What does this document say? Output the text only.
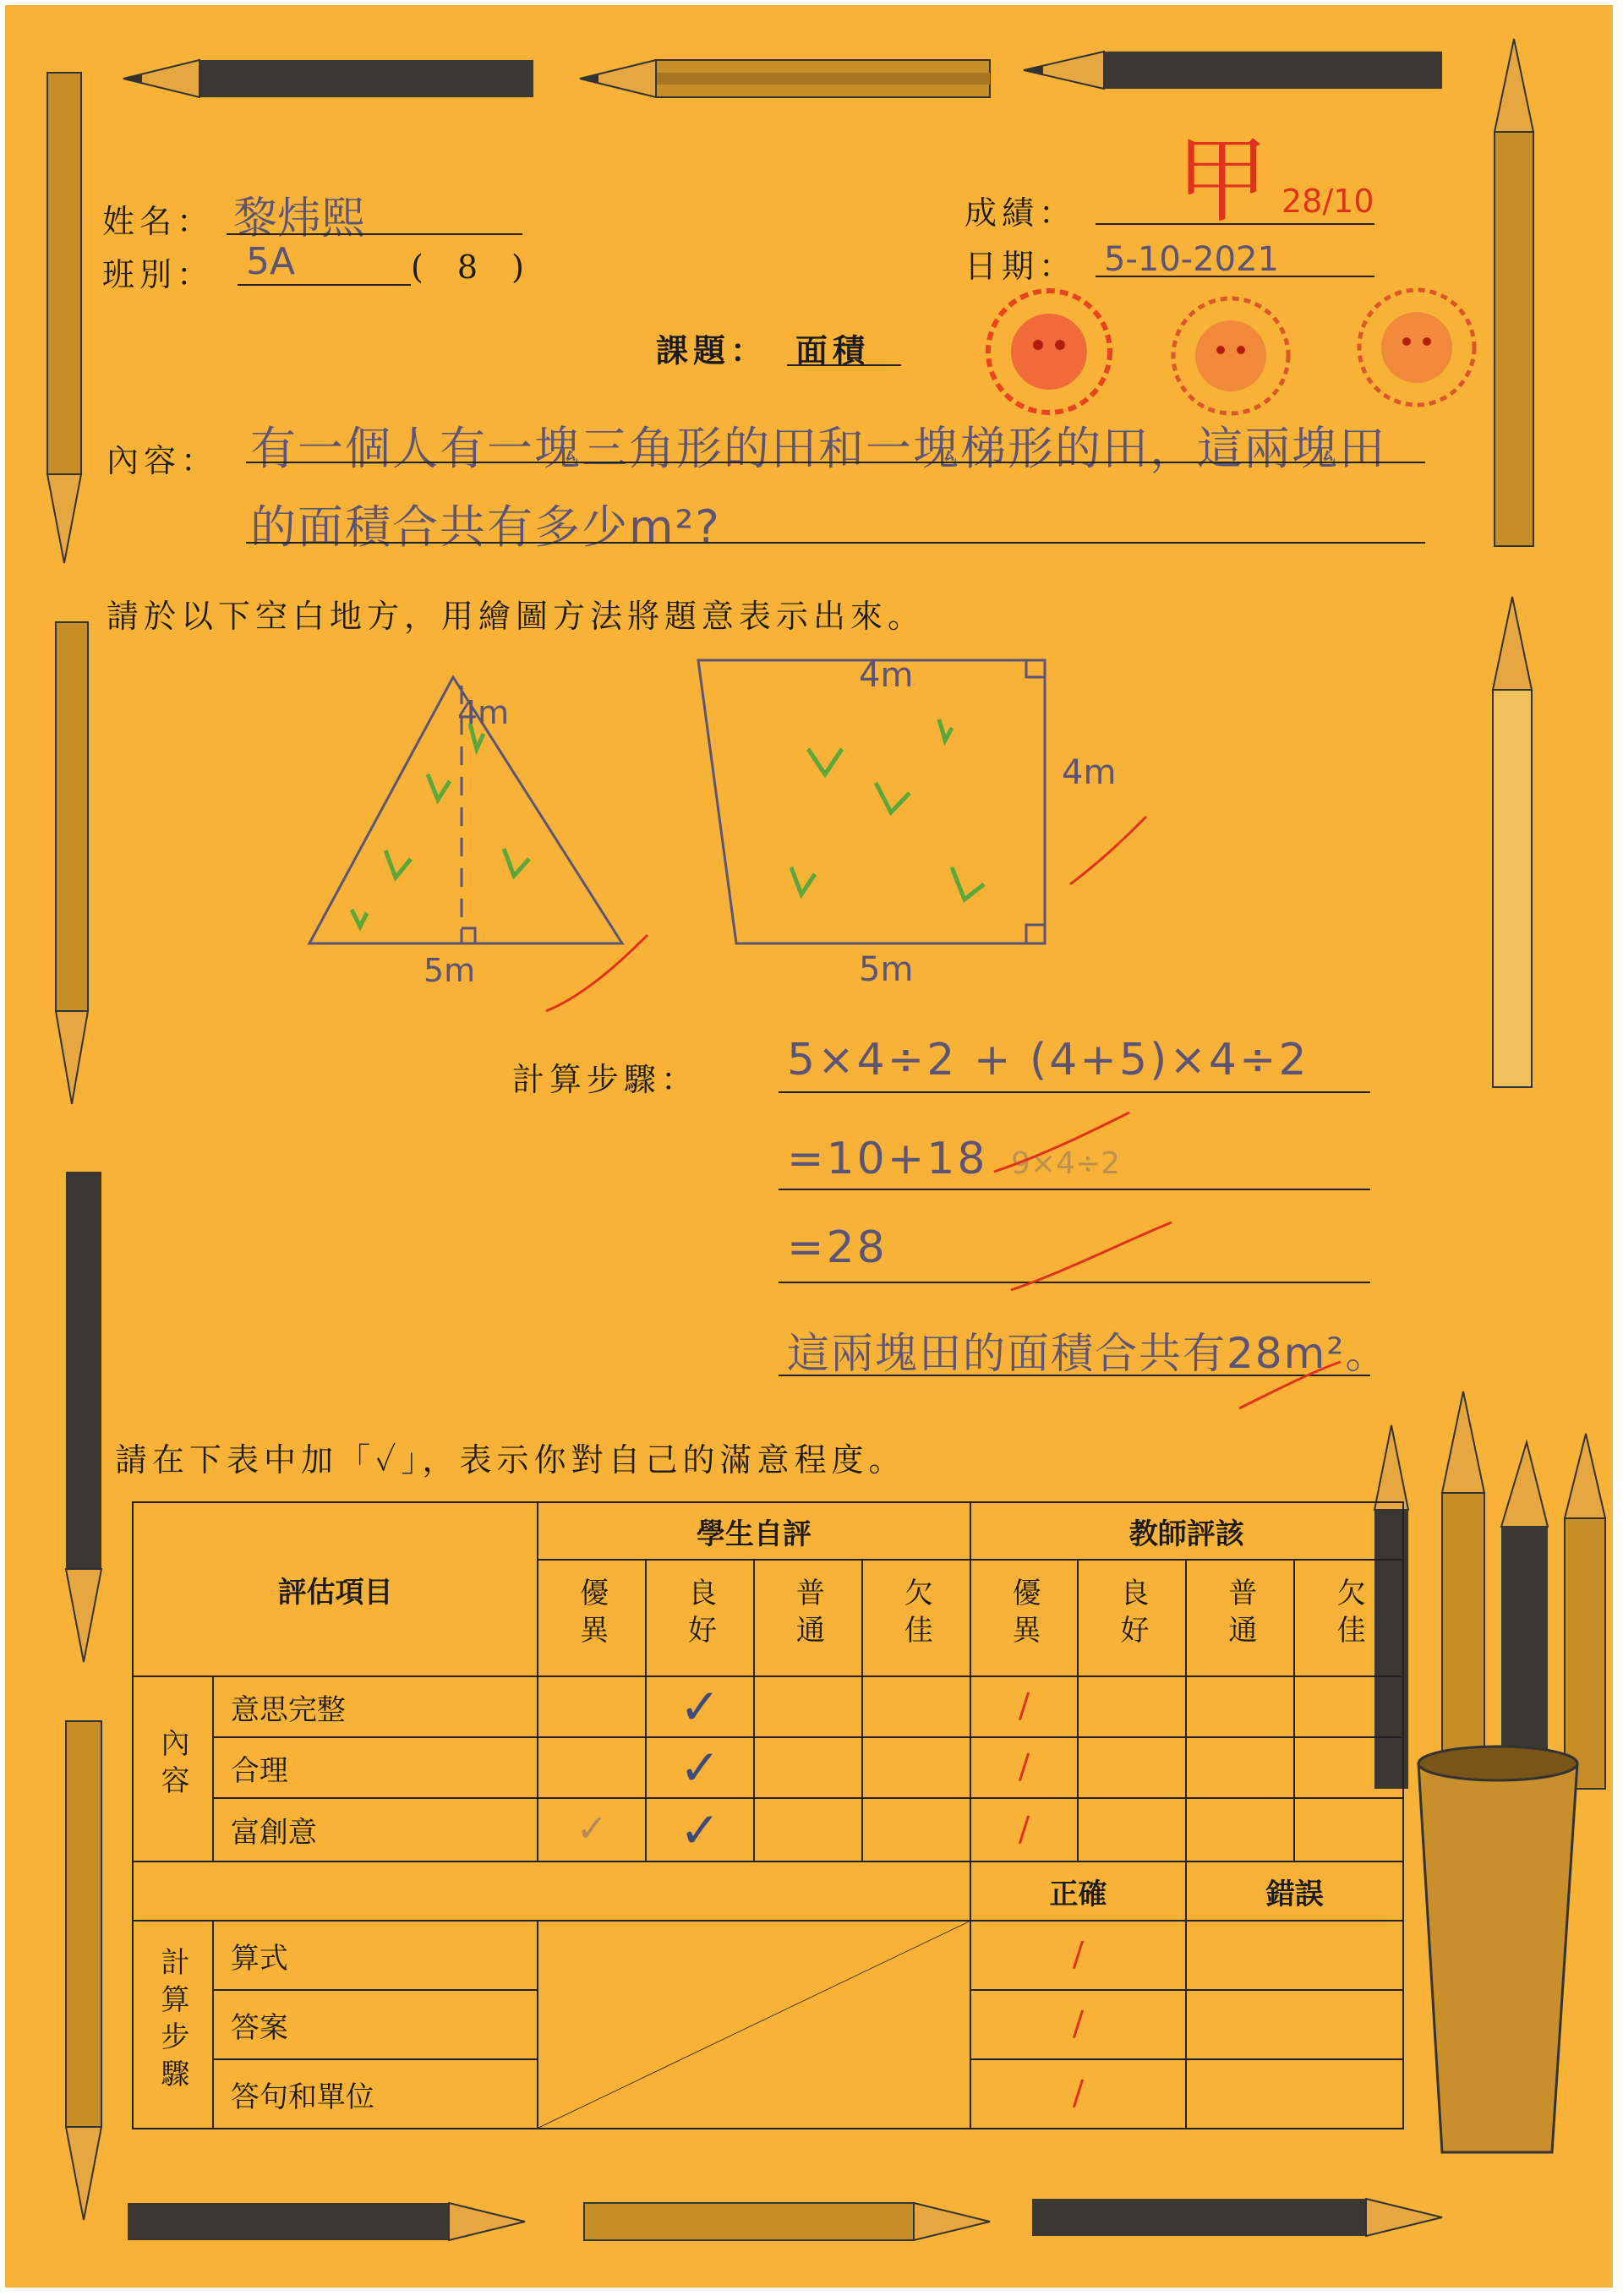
姓名： 黎炜熙
班別： 5A	( 8 )
成績： 甲 28/10
日期： 5-10-2021
課題： 面積
內容： 有一個人有一塊三角形的田和一塊梯形的田，這兩塊田
的面積合共有多少m²?
請於以下空白地方，用繪圖方法將題意表示出來。
4m
5m
4m
4m
5m
計算步驟： 5×4÷2 + (4+5)×4÷2
=10+18 9×4÷2
=28
這兩塊田的面積合共有28m²。
請在下表中加「✓」，表示你對自己的滿意程度。
評估項目		學生自評				教師評該			
		優異	良好	普通	欠佳	優異	良好	普通	欠佳
內容	意思完整		✓			∕			
	合理		✓			∕			
	富創意	✓	✓			∕			
						正確		錯誤	
計算步驟	算式					∕			
	答案					∕			
	答句和單位					∕			
